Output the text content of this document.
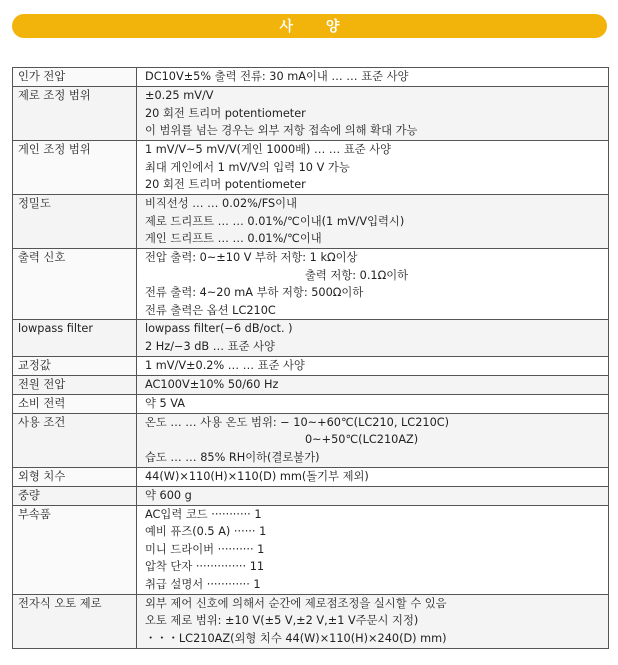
사 양
인가 전압	DC10V±5% 출력 전류: 30 mA이내 … … 표준 사양

제로 조정 범위	±0.25 mV/V
20 회전 트리머 potentiometer
이 범위를 넘는 경우는 외부 저항 접속에 의해 확대 가능

게인 조정 범위	1 mV/V~5 mV/V(게인 1000배) … … 표준 사양
최대 게인에서 1 mV/V의 입력 10 V 가능
20 회전 트리머 potentiometer

정밀도	비직선성 … … 0.02%/FS이내
제로 드리프트 … … 0.01%/℃이내(1 mV/V입력시)
게인 드리프트 … … 0.01%/℃이내

출력 신호	전압 출력: 0~±10 V 부하 저항: 1 kΩ이상
출력 저항: 0.1Ω이하
전류 출력: 4~20 mA 부하 저항: 500Ω이하
전류 출력은 옵션 LC210C

lowpass filter	lowpass filter(−6 dB/oct. )
2 Hz/−3 dB … 표준 사양

교정값	1 mV/V±0.2% … … 표준 사양

전원 전압	AC100V±10% 50/60 Hz

소비 전력	약 5 VA

사용 조건	온도 … … 사용 온도 범위: − 10~+60℃(LC210, LC210C)
0~+50℃(LC210AZ)
습도 … … 85% RH이하(결로불가)

외형 치수	44(W)×110(H)×110(D) mm(돌기부 제외)

중량	약 600 g

부속품	AC입력 코드 ··········· 1
예비 퓨즈(0.5 A) ······ 1
미니 드라이버 ·········· 1
압착 단자 ·············· 11
취급 설명서 ············ 1

전자식 오토 제로	외부 제어 신호에 의해서 순간에 제로점조정을 실시할 수 있음
오토 제로 범위: ±10 V(±5 V,±2 V,±1 V주문시 지정)
・・・LC210AZ(외형 치수 44(W)×110(H)×240(D) mm)
